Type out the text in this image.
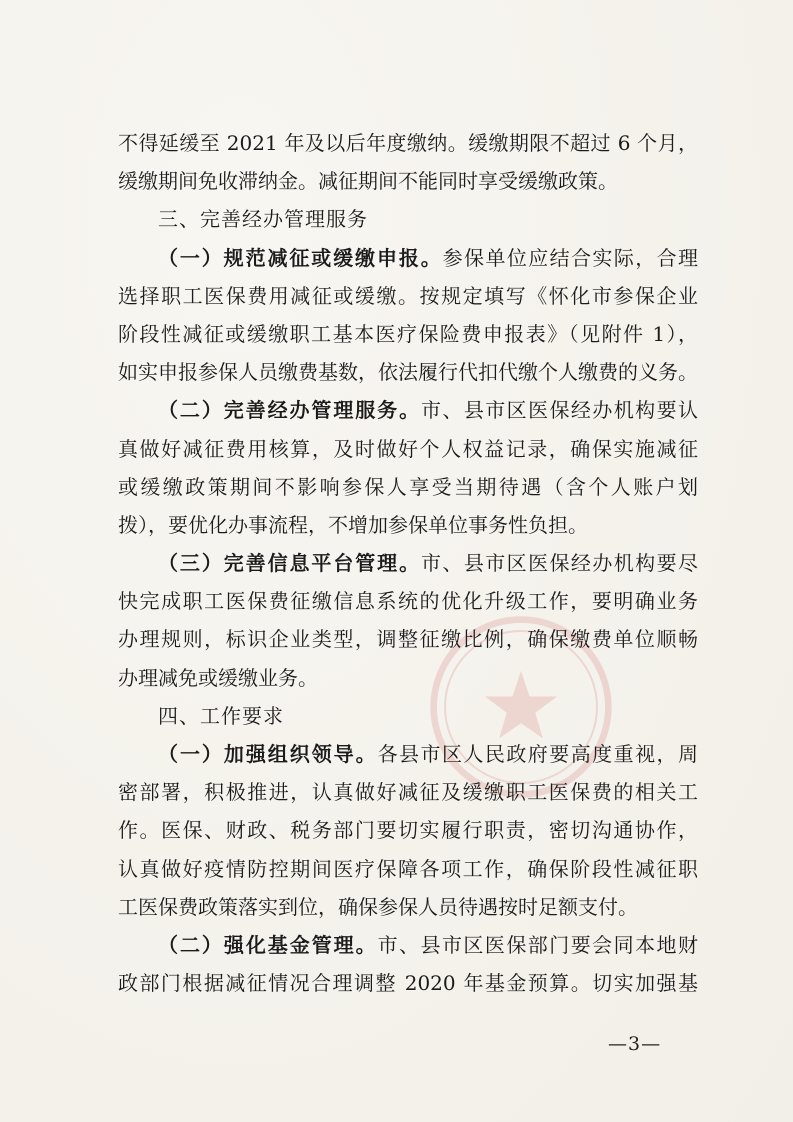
不得延缓至 2021 年及以后年度缴纳。缓缴期限不超过 6 个月，
缓缴期间免收滞纳金。减征期间不能同时享受缓缴政策。
三、完善经办管理服务
（一）规范减征或缓缴申报。参保单位应结合实际，合理
选择职工医保费用减征或缓缴。按规定填写《怀化市参保企业
阶段性减征或缓缴职工基本医疗保险费申报表》（见附件 1），
如实申报参保人员缴费基数，依法履行代扣代缴个人缴费的义务。
（二）完善经办管理服务。市、县市区医保经办机构要认
真做好减征费用核算，及时做好个人权益记录，确保实施减征
或缓缴政策期间不影响参保人享受当期待遇（含个人账户划
拨），要优化办事流程，不增加参保单位事务性负担。
（三）完善信息平台管理。市、县市区医保经办机构要尽
快完成职工医保费征缴信息系统的优化升级工作，要明确业务
办理规则，标识企业类型，调整征缴比例，确保缴费单位顺畅
办理减免或缓缴业务。
四、工作要求
（一）加强组织领导。各县市区人民政府要高度重视，周
密部署，积极推进，认真做好减征及缓缴职工医保费的相关工
作。医保、财政、税务部门要切实履行职责，密切沟通协作，
认真做好疫情防控期间医疗保障各项工作，确保阶段性减征职
工医保费政策落实到位，确保参保人员待遇按时足额支付。
（二）强化基金管理。市、县市区医保部门要会同本地财
政部门根据减征情况合理调整 2020 年基金预算。切实加强基
—3—
